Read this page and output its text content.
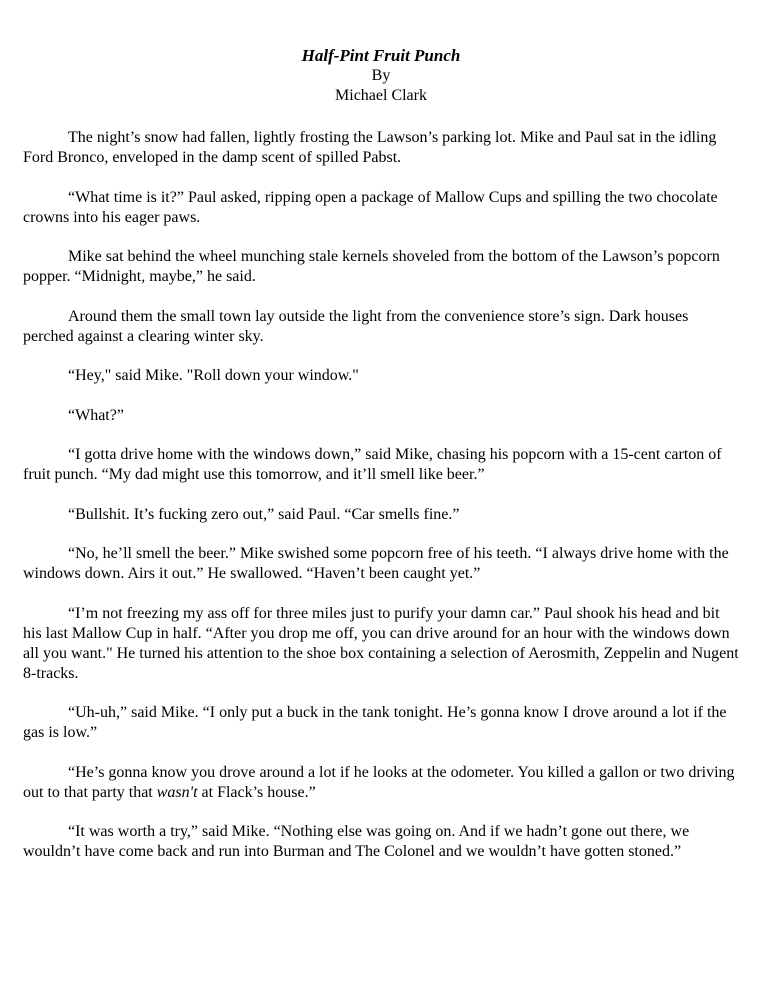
Half-Pint Fruit Punch
By
Michael Clark

The night’s snow had fallen, lightly frosting the Lawson’s parking lot. Mike and Paul sat in the idling Ford Bronco, enveloped in the damp scent of spilled Pabst.

“What time is it?” Paul asked, ripping open a package of Mallow Cups and spilling the two chocolate crowns into his eager paws.

Mike sat behind the wheel munching stale kernels shoveled from the bottom of the Lawson’s popcorn popper. “Midnight, maybe,” he said.

Around them the small town lay outside the light from the convenience store’s sign. Dark houses perched against a clearing winter sky.

“Hey," said Mike. "Roll down your window."

“What?”

“I gotta drive home with the windows down,” said Mike, chasing his popcorn with a 15-cent carton of fruit punch. “My dad might use this tomorrow, and it’ll smell like beer.”

“Bullshit. It’s fucking zero out,” said Paul. “Car smells fine.”

“No, he’ll smell the beer.” Mike swished some popcorn free of his teeth. “I always drive home with the windows down. Airs it out.” He swallowed. “Haven’t been caught yet.”

“I’m not freezing my ass off for three miles just to purify your damn car.” Paul shook his head and bit his last Mallow Cup in half. “After you drop me off, you can drive around for an hour with the windows down all you want." He turned his attention to the shoe box containing a selection of Aerosmith, Zeppelin and Nugent 8-tracks.

“Uh-uh,” said Mike. “I only put a buck in the tank tonight. He’s gonna know I drove around a lot if the gas is low.”

“He’s gonna know you drove around a lot if he looks at the odometer. You killed a gallon or two driving out to that party that wasn't at Flack’s house.”

“It was worth a try,” said Mike. “Nothing else was going on. And if we hadn’t gone out there, we wouldn’t have come back and run into Burman and The Colonel and we wouldn’t have gotten stoned.”
